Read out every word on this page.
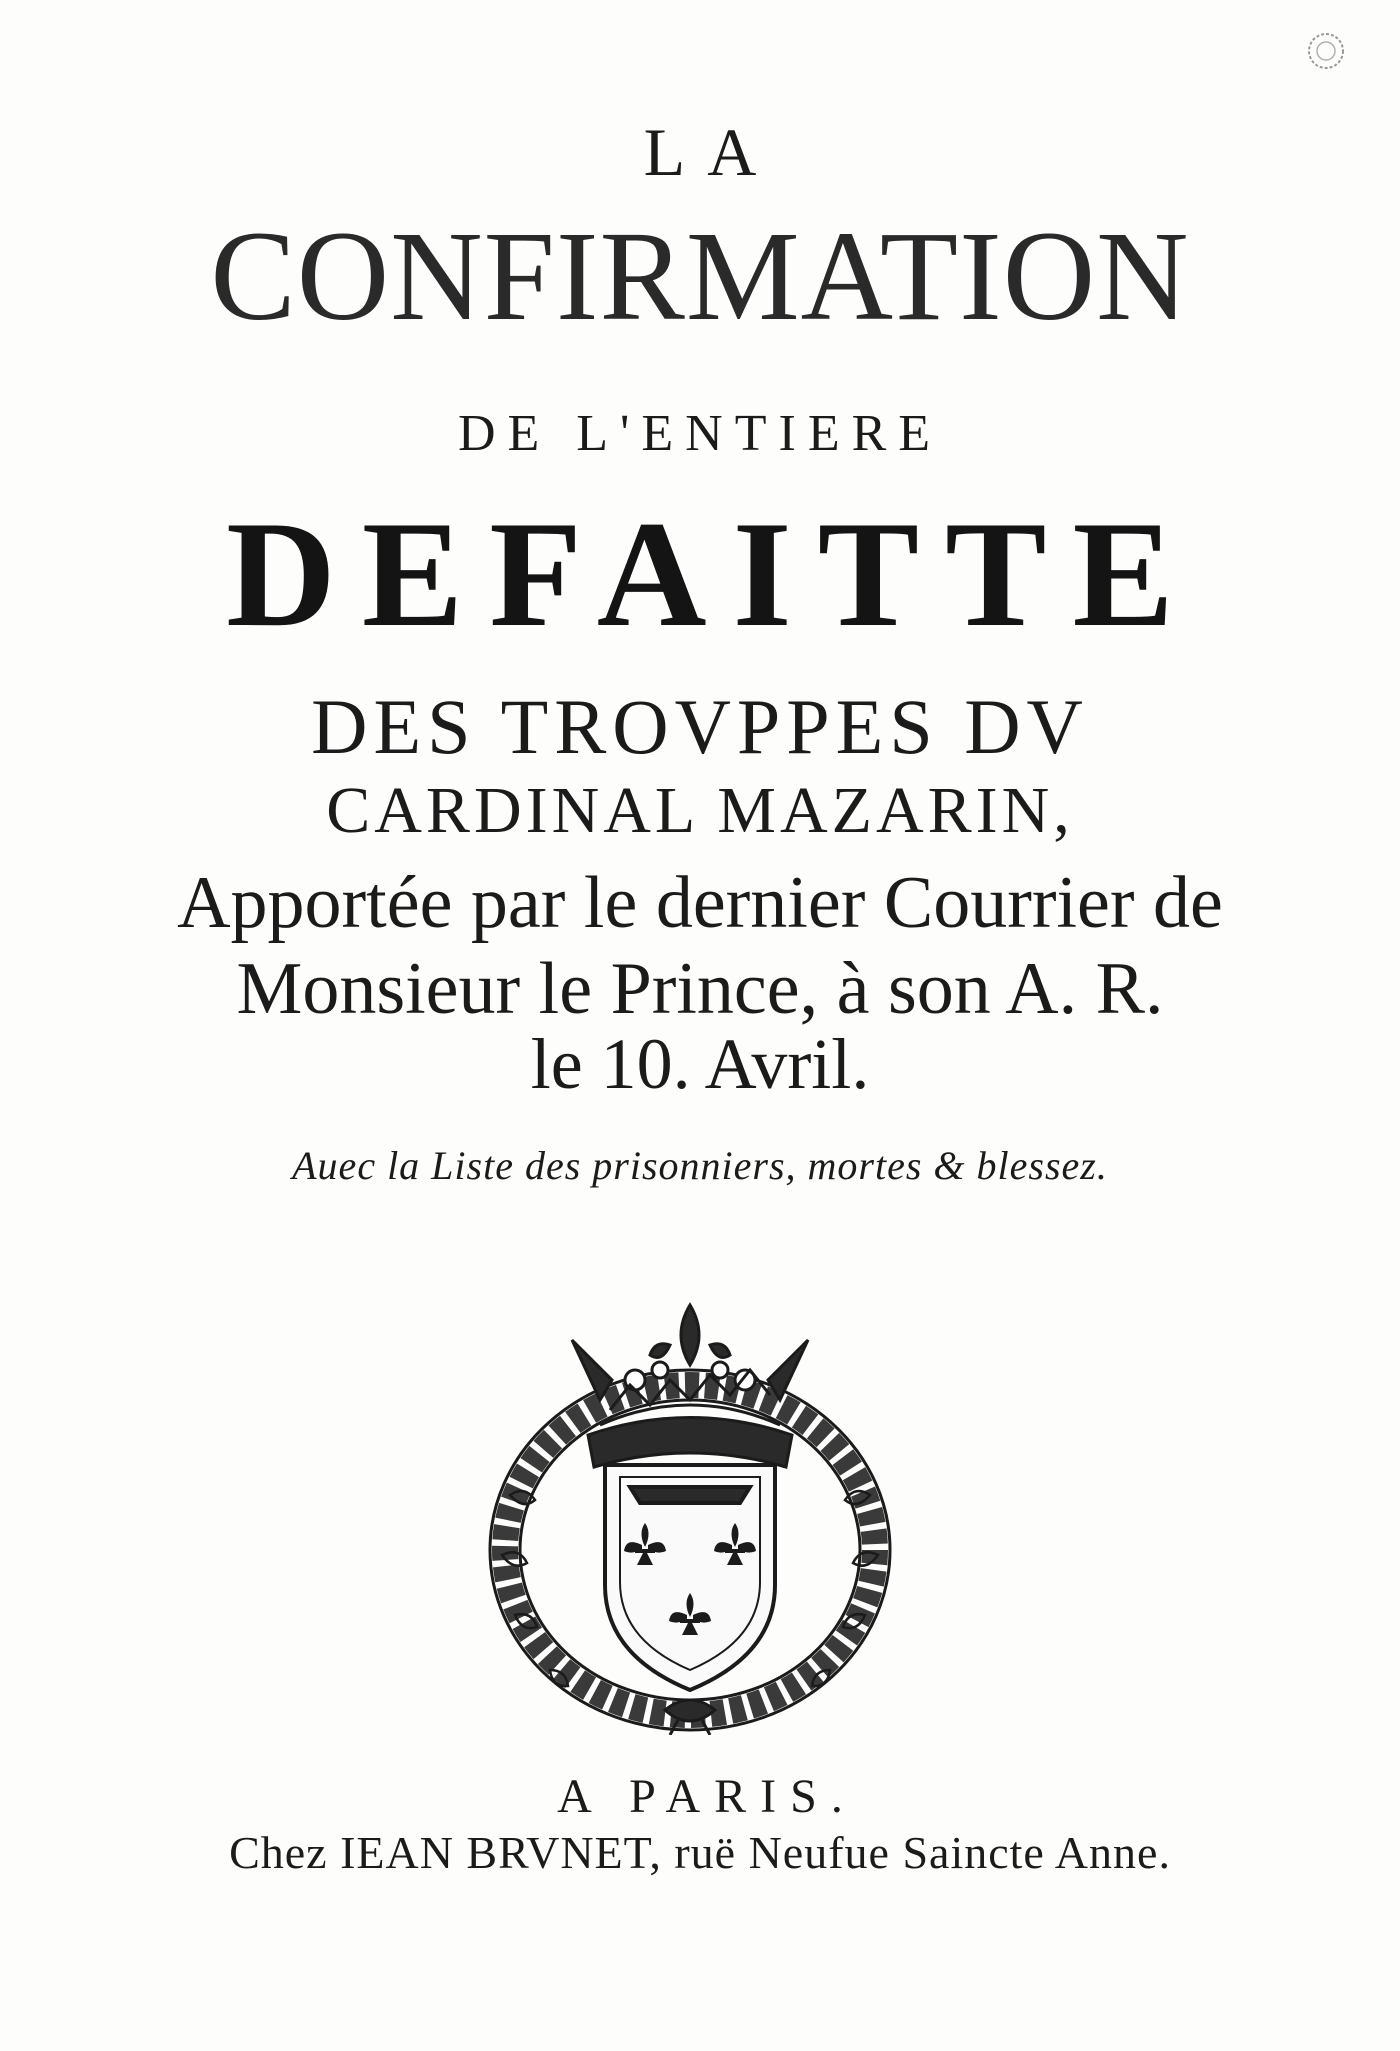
LA
CONFIRMATION
DE L'ENTIERE
DEFAITTE
DES TROVPPES DV
CARDINAL MAZARIN,
Apportée par le dernier Courrier de
Monsieur le Prince, à son A. R.
le 10. Avril.
Auec la Liste des prisonniers, mortes & blessez.
A PARIS.
Chez IEAN BRVNET, ruë Neufue Saincte Anne.
